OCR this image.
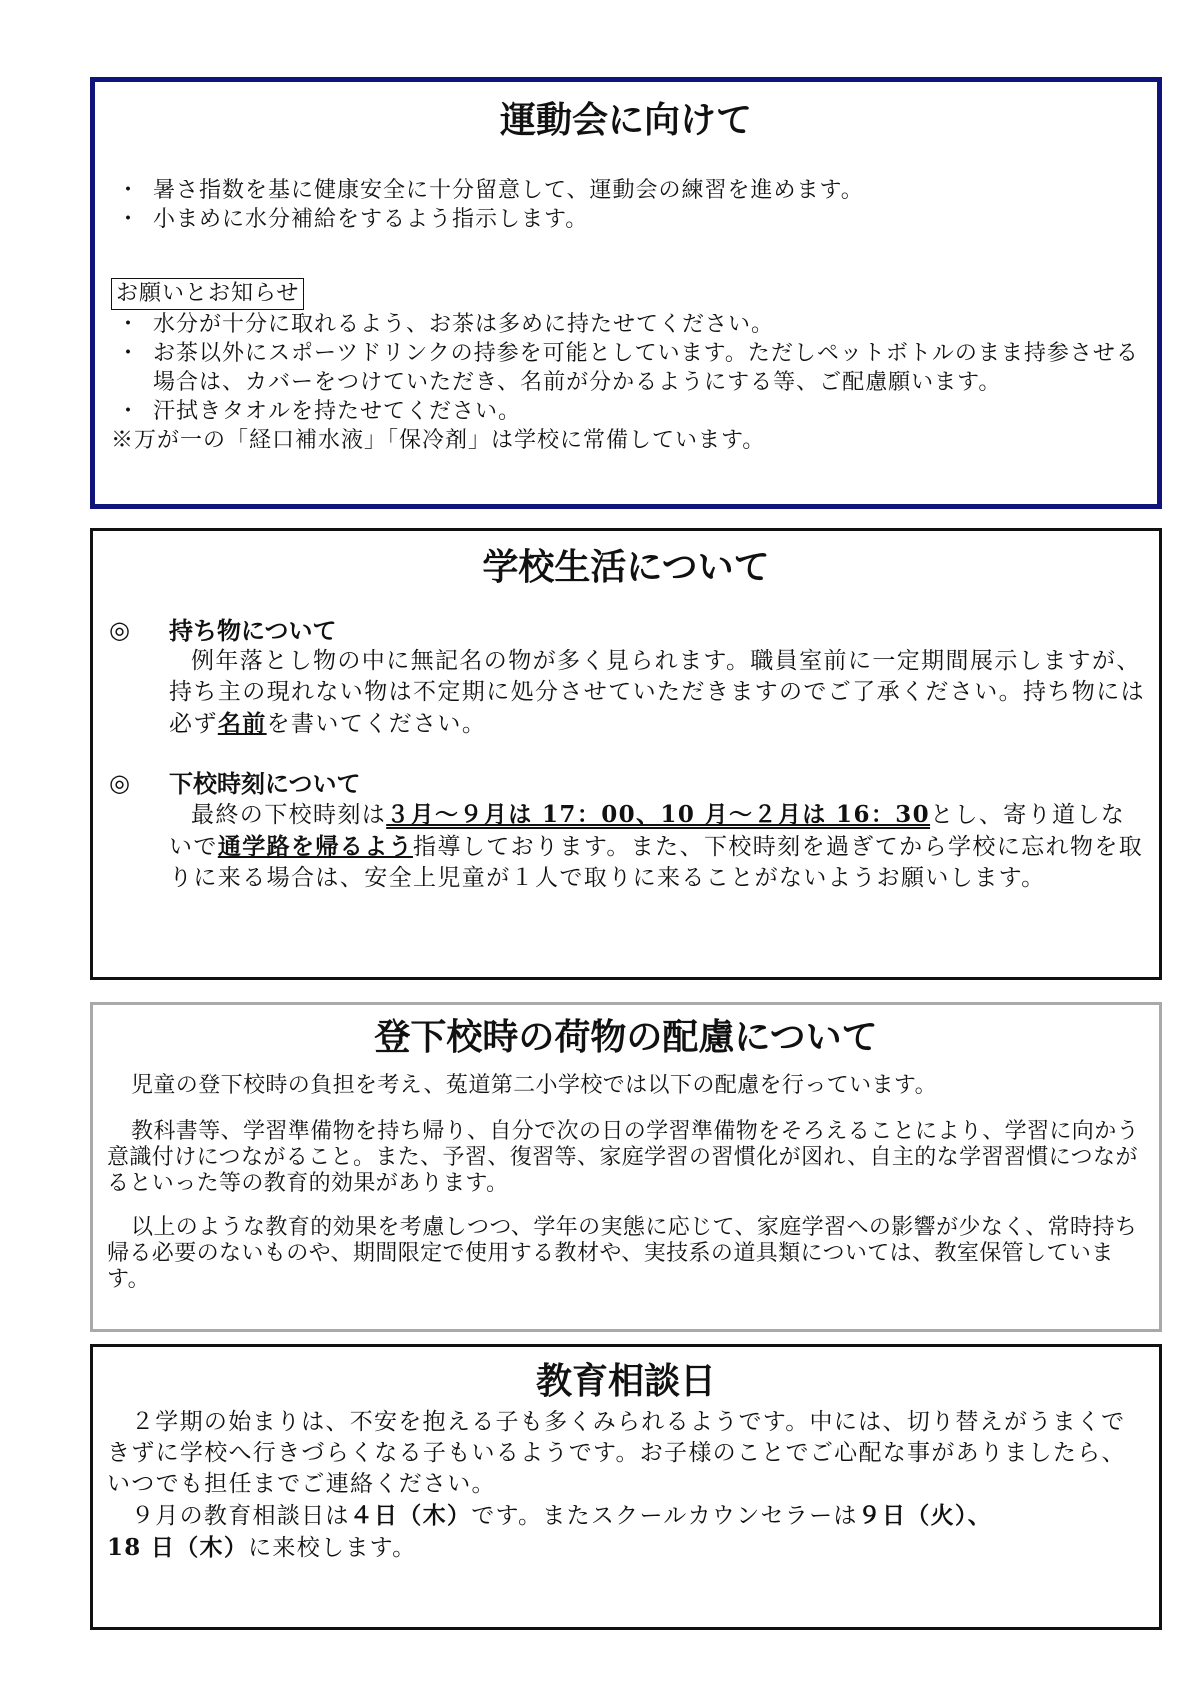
運動会に向けて
・ 暑さ指数を基に健康安全に十分留意して、運動会の練習を進めます。
・ 小まめに水分補給をするよう指示します。
お願いとお知らせ
・ 水分が十分に取れるよう、お茶は多めに持たせてください。
・ お茶以外にスポーツドリンクの持参を可能としています。ただしペットボトルのまま持参させる場合は、カバーをつけていただき、名前が分かるようにする等、ご配慮願います。
・ 汗拭きタオルを持たせてください。
※万が一の「経口補水液」「保冷剤」は学校に常備しています。
学校生活について
◎	持ち物について
例年落とし物の中に無記名の物が多く見られます。職員室前に一定期間展示しますが、持ち主の現れない物は不定期に処分させていただきますのでご了承ください。持ち物には必ず名前を書いてください。
◎	下校時刻について
最終の下校時刻は３月～９月は 17：00、10 月～２月は 16：30とし、寄り道しないで通学路を帰るよう指導しております。また、下校時刻を過ぎてから学校に忘れ物を取りに来る場合は、安全上児童が１人で取りに来ることがないようお願いします。
登下校時の荷物の配慮について
児童の登下校時の負担を考え、菟道第二小学校では以下の配慮を行っています。
教科書等、学習準備物を持ち帰り、自分で次の日の学習準備物をそろえることにより、学習に向かう意識付けにつながること。また、予習、復習等、家庭学習の習慣化が図れ、自主的な学習習慣につながるといった等の教育的効果があります。
以上のような教育的効果を考慮しつつ、学年の実態に応じて、家庭学習への影響が少なく、常時持ち帰る必要のないものや、期間限定で使用する教材や、実技系の道具類については、教室保管しています。
教育相談日
２学期の始まりは、不安を抱える子も多くみられるようです。中には、切り替えがうまくできずに学校へ行きづらくなる子もいるようです。お子様のことでご心配な事がありましたら、いつでも担任までご連絡ください。
９月の教育相談日は４日（木）です。またスクールカウンセラーは９日（火）、
18 日（木）に来校します。
